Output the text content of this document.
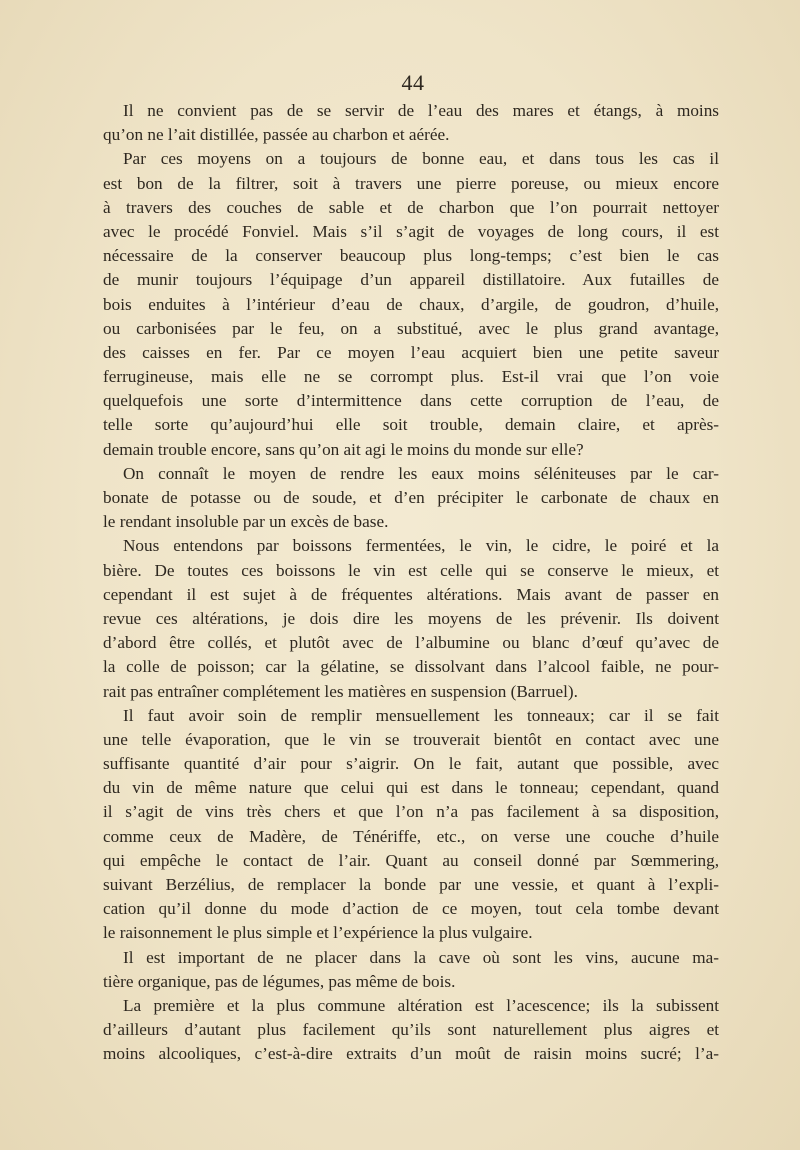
44
Il ne convient pas de se servir de l’eau des mares et étangs, à moins
qu’on ne l’ait distillée, passée au charbon et aérée.
Par ces moyens on a toujours de bonne eau, et dans tous les cas il
est bon de la filtrer, soit à travers une pierre poreuse, ou mieux encore
à travers des couches de sable et de charbon que l’on pourrait nettoyer
avec le procédé Fonviel. Mais s’il s’agit de voyages de long cours, il est
nécessaire de la conserver beaucoup plus long-temps; c’est bien le cas
de munir toujours l’équipage d’un appareil distillatoire. Aux futailles de
bois enduites à l’intérieur d’eau de chaux, d’argile, de goudron, d’huile,
ou carbonisées par le feu, on a substitué, avec le plus grand avantage,
des caisses en fer. Par ce moyen l’eau acquiert bien une petite saveur
ferrugineuse, mais elle ne se corrompt plus. Est-il vrai que l’on voie
quelquefois une sorte d’intermittence dans cette corruption de l’eau, de
telle sorte qu’aujourd’hui elle soit trouble, demain claire, et après-
demain trouble encore, sans qu’on ait agi le moins du monde sur elle?
On connaît le moyen de rendre les eaux moins séléniteuses par le car-
bonate de potasse ou de soude, et d’en précipiter le carbonate de chaux en
le rendant insoluble par un excès de base.
Nous entendons par boissons fermentées, le vin, le cidre, le poiré et la
bière. De toutes ces boissons le vin est celle qui se conserve le mieux, et
cependant il est sujet à de fréquentes altérations. Mais avant de passer en
revue ces altérations, je dois dire les moyens de les prévenir. Ils doivent
d’abord être collés, et plutôt avec de l’albumine ou blanc d’œuf qu’avec de
la colle de poisson; car la gélatine, se dissolvant dans l’alcool faible, ne pour-
rait pas entraîner complétement les matières en suspension (Barruel).
Il faut avoir soin de remplir mensuellement les tonneaux; car il se fait
une telle évaporation, que le vin se trouverait bientôt en contact avec une
suffisante quantité d’air pour s’aigrir. On le fait, autant que possible, avec
du vin de même nature que celui qui est dans le tonneau; cependant, quand
il s’agit de vins très chers et que l’on n’a pas facilement à sa disposition,
comme ceux de Madère, de Ténériffe, etc., on verse une couche d’huile
qui empêche le contact de l’air. Quant au conseil donné par Sœmmering,
suivant Berzélius, de remplacer la bonde par une vessie, et quant à l’expli-
cation qu’il donne du mode d’action de ce moyen, tout cela tombe devant
le raisonnement le plus simple et l’expérience la plus vulgaire.
Il est important de ne placer dans la cave où sont les vins, aucune ma-
tière organique, pas de légumes, pas même de bois.
La première et la plus commune altération est l’acescence; ils la subissent
d’ailleurs d’autant plus facilement qu’ils sont naturellement plus aigres et
moins alcooliques, c’est-à-dire extraits d’un moût de raisin moins sucré; l’a-
